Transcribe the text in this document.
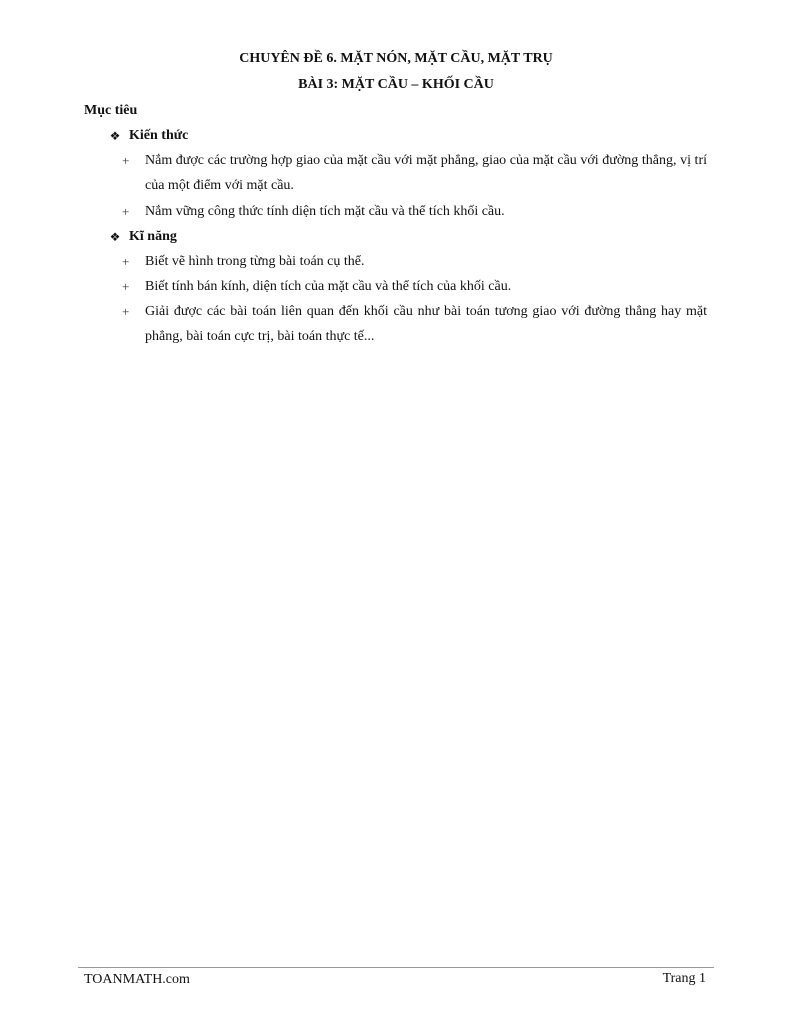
CHUYÊN ĐỀ 6. MẶT NÓN, MẶT CẦU, MẶT TRỤ
BÀI 3: MẶT CẦU – KHỐI CẦU
Mục tiêu
❖ Kiến thức
+	Nắm được các trường hợp giao của mặt cầu với mặt phẳng, giao của mặt cầu với đường thẳng, vị trí của một điểm với mặt cầu.
+	Nắm vững công thức tính diện tích mặt cầu và thể tích khối cầu.
❖ Kĩ năng
+	Biết vẽ hình trong từng bài toán cụ thể.
+	Biết tính bán kính, diện tích của mặt cầu và thể tích của khối cầu.
+	Giải được các bài toán liên quan đến khối cầu như bài toán tương giao với đường thẳng hay mặt phẳng, bài toán cực trị, bài toán thực tế...
TOANMATH.com	Trang 1
